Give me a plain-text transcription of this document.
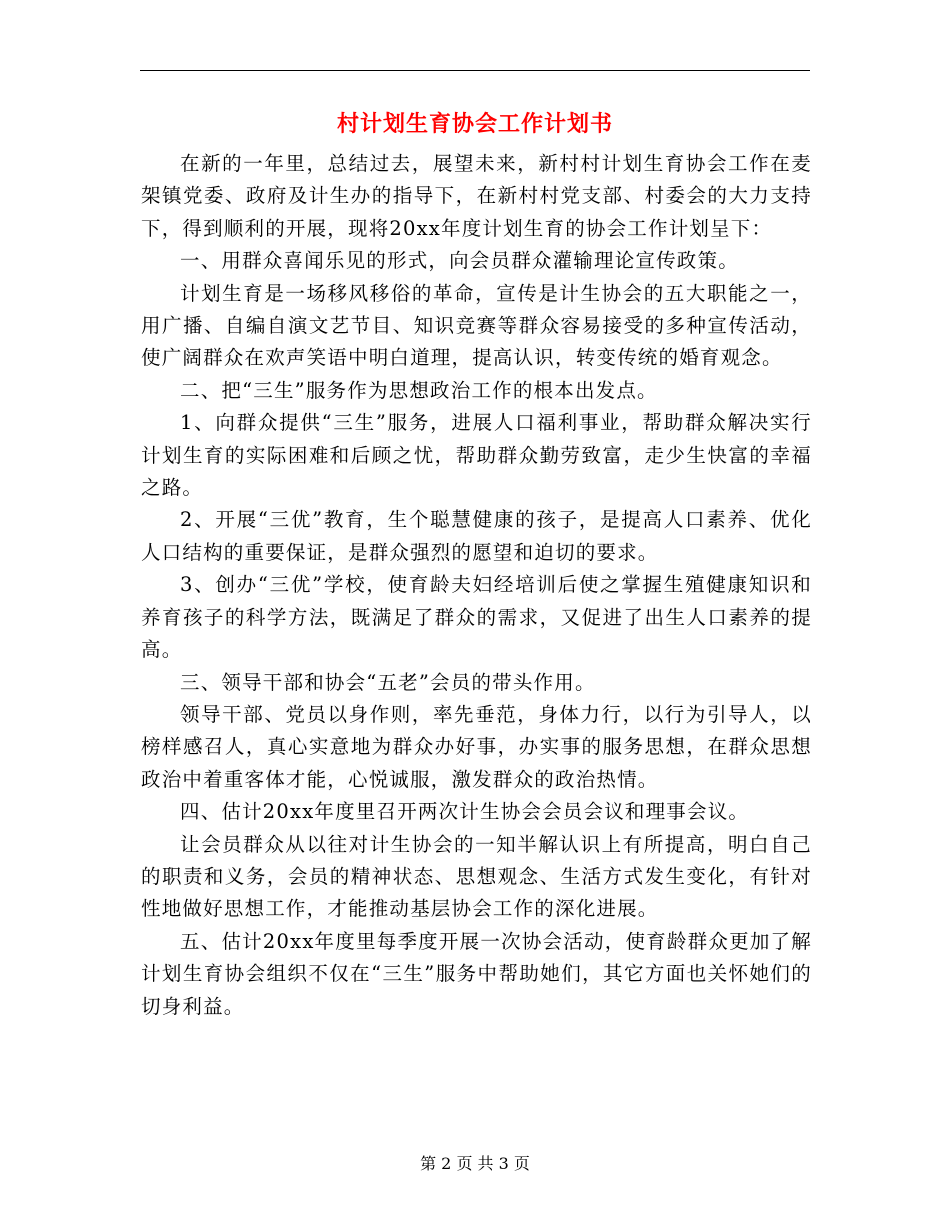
村计划生育协会工作计划书

在新的一年里，总结过去，展望未来，新村村计划生育协会工作在麦架镇党委、政府及计生办的指导下，在新村村党支部、村委会的大力支持下，得到顺利的开展，现将20xx年度计划生育的协会工作计划呈下：

一、用群众喜闻乐见的形式，向会员群众灌输理论宣传政策。

计划生育是一场移风移俗的革命，宣传是计生协会的五大职能之一，用广播、自编自演文艺节目、知识竞赛等群众容易接受的多种宣传活动，使广阔群众在欢声笑语中明白道理，提高认识，转变传统的婚育观念。

二、把“三生”服务作为思想政治工作的根本出发点。

1、向群众提供“三生”服务，进展人口福利事业，帮助群众解决实行计划生育的实际困难和后顾之忧，帮助群众勤劳致富，走少生快富的幸福之路。

2、开展“三优”教育，生个聪慧健康的孩子，是提高人口素养、优化人口结构的重要保证，是群众强烈的愿望和迫切的要求。

3、创办“三优”学校，使育龄夫妇经培训后使之掌握生殖健康知识和养育孩子的科学方法，既满足了群众的需求，又促进了出生人口素养的提高。

三、领导干部和协会“五老”会员的带头作用。

领导干部、党员以身作则，率先垂范，身体力行，以行为引导人，以榜样感召人，真心实意地为群众办好事，办实事的服务思想，在群众思想政治中着重客体才能，心悦诚服，激发群众的政治热情。

四、估计20xx年度里召开两次计生协会会员会议和理事会议。

让会员群众从以往对计生协会的一知半解认识上有所提高，明白自己的职责和义务，会员的精神状态、思想观念、生活方式发生变化，有针对性地做好思想工作，才能推动基层协会工作的深化进展。

五、估计20xx年度里每季度开展一次协会活动，使育龄群众更加了解计划生育协会组织不仅在“三生”服务中帮助她们，其它方面也关怀她们的切身利益。

第 2 页 共 3 页
